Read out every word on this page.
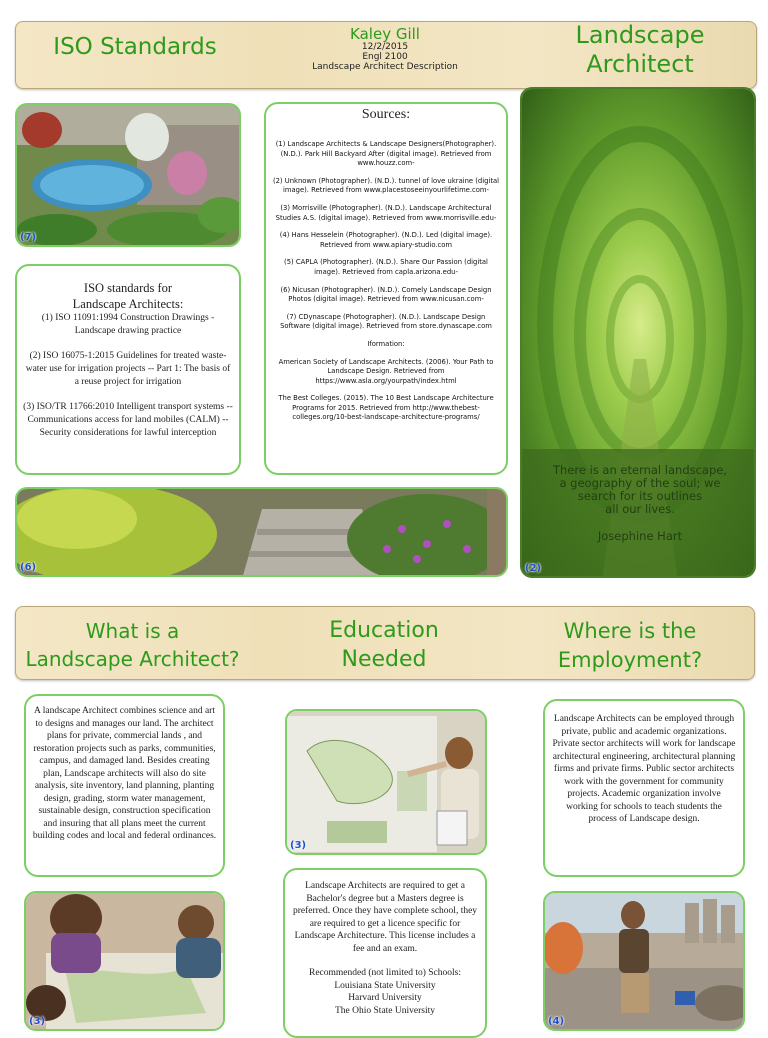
ISO Standards	Kaley Gill
12/2/2015
Engl 2100
Landscape Architect Description
Landscape
Architect
(7)
ISO standards for
Landscape Architects:
(1) ISO 11091:1994 Construction Drawings - Landscape drawing practice
(2) ISO 16075-1:2015 Guidelines for treated waste-water use for irrigation projects -- Part 1: The basis of a reuse project for irrigation
(3) ISO/TR 11766:2010 Intelligent transport systems -- Communications access for land mobiles (CALM) -- Security considerations for lawful interception
Sources:

(1) Landscape Architects & Landscape Designers(Photographer). (N.D.). Park Hill Backyard After (digital image). Retrieved from www.houzz.com-

(2) Unknown (Photographer). (N.D.). tunnel of love ukraine (digital image). Retrieved from www.placestoseeinyourlifetime.com-

(3) Morrisville (Photographer). (N.D.). Landscape Architectural Studies A.S. (digital image). Retrieved from www.morrisville.edu-

(4) Hans Hesselein (Photographer). (N.D.). Led (digital image). Retrieved from www.apiary-studio.com

(5) CAPLA (Photographer). (N.D.). Share Our Passion (digital image). Retrieved from capla.arizona.edu-

(6) Nicusan (Photographer). (N.D.). Comely Landscape Design Photos (digital image). Retrieved from www.nicusan.com-

(7) CDynascape (Photographer). (N.D.). Landscape Design Software (digital image). Retrieved from store.dynascape.com

Iformation:

American Society of Landscape Architects. (2006). Your Path to Landscape Design. Retrieved from https://www.asla.org/yourpath/index.html

The Best Colleges. (2015). The 10 Best Landscape Architecture Programs for 2015. Retrieved from http://www.thebest-colleges.org/10-best-landscape-architecture-programs/

There is an eternal landscape,
a geography of the soul; we
search for its outlines
all our lives.
Josephine Hart
(2)
(6)
What is a
Landscape Architect?
Education
Needed
Where is the
Employment?
A landscape Architect combines science and art to designs and manages our land. The architect plans for private, commercial lands , and restoration projects such as parks, communities, campus, and damaged land. Besides creating plan, Landscape architects will also do site analysis, site inventory, land planning, planting design, grading, storm water management, sustainable design, construction specification and insuring that all plans meet the current building codes and local and federal ordinances.
(3)
Landscape Architects can be employed through private, public and academic organizations. Private sector architects will work for landscape architectural engineering, architectural planning firms and private firms. Public sector architects work with the government for community projects. Academic organization involve working for schools to teach students the process of Landscape design.
(3)
Landscape Architects are required to get a Bachelor's degree but a Masters degree is preferred. Once they have complete school, they are required to get a licence specific for Landscape Architecture. This license includes a fee and an exam.
Recommended (not limited to) Schools:
Louisiana State University
Harvard University
The Ohio State University
(4)
